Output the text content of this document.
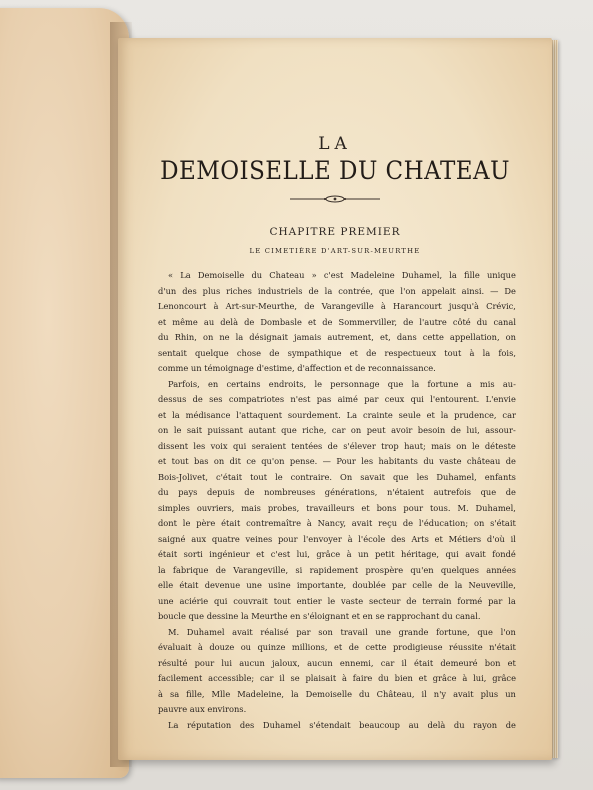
LA
DEMOISELLE DU CHATEAU
CHAPITRE PREMIER
LE CIMETIÈRE D'ART-SUR-MEURTHE
« La Demoiselle du Chateau » c'est Madeleine Duhamel, la fille unique
d'un des plus riches industriels de la contrée, que l'on appelait ainsi. — De
Lenoncourt à Art-sur-Meurthe, de Varangeville à Harancourt jusqu'à Crévic,
et même au delà de Dombasle et de Sommerviller, de l'autre côté du canal
du Rhin, on ne la désignait jamais autrement, et, dans cette appellation, on
sentait quelque chose de sympathique et de respectueux tout à la fois,
comme un témoignage d'estime, d'affection et de reconnaissance.
Parfois, en certains endroits, le personnage que la fortune a mis au-
dessus de ses compatriotes n'est pas aimé par ceux qui l'entourent. L'envie
et la médisance l'attaquent sourdement. La crainte seule et la prudence, car
on le sait puissant autant que riche, car on peut avoir besoin de lui, assour-
dissent les voix qui seraient tentées de s'élever trop haut; mais on le déteste
et tout bas on dit ce qu'on pense. — Pour les habitants du vaste château de
Bois-Jolivet, c'était tout le contraire. On savait que les Duhamel, enfants
du pays depuis de nombreuses générations, n'étaient autrefois que de
simples ouvriers, mais probes, travailleurs et bons pour tous. M. Duhamel,
dont le père était contremaître à Nancy, avait reçu de l'éducation; on s'était
saigné aux quatre veines pour l'envoyer à l'école des Arts et Métiers d'où il
était sorti ingénieur et c'est lui, grâce à un petit héritage, qui avait fondé
la fabrique de Varangeville, si rapidement prospère qu'en quelques années
elle était devenue une usine importante, doublée par celle de la Neuveville,
une aciérie qui couvrait tout entier le vaste secteur de terrain formé par la
boucle que dessine la Meurthe en s'éloignant et en se rapprochant du canal.
M. Duhamel avait réalisé par son travail une grande fortune, que l'on
évaluait à douze ou quinze millions, et de cette prodigieuse réussite n'était
résulté pour lui aucun jaloux, aucun ennemi, car il était demeuré bon et
facilement accessible; car il se plaisait à faire du bien et grâce à lui, grâce
à sa fille, Mlle Madeleine, la Demoiselle du Château, il n'y avait plus un
pauvre aux environs.
La réputation des Duhamel s'étendait beaucoup au delà du rayon de
